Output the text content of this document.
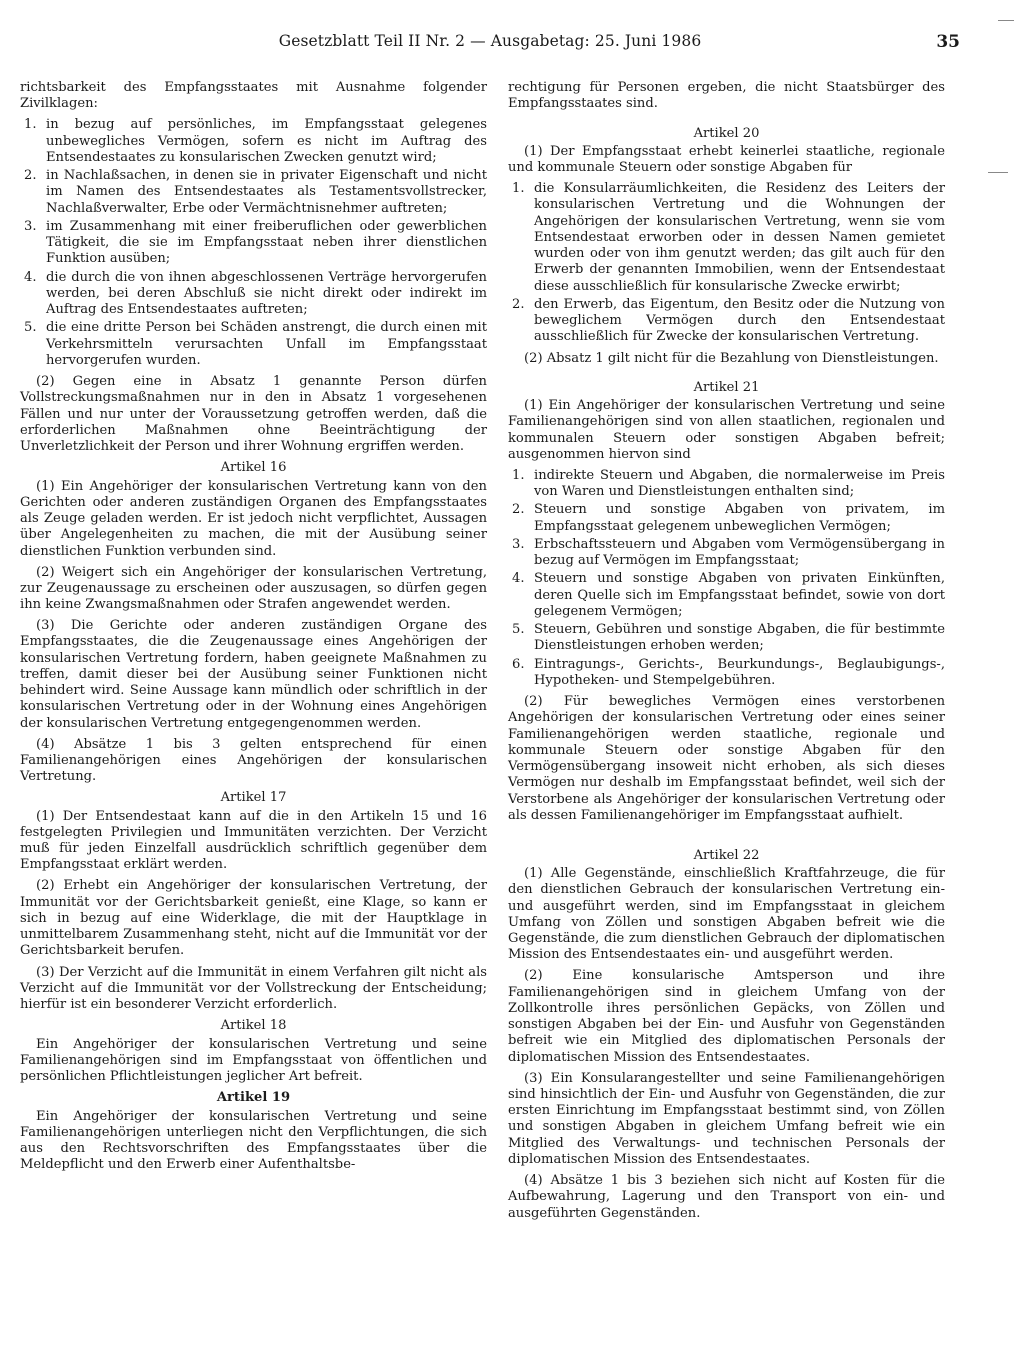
Gesetzblatt Teil II Nr. 2 — Ausgabetag: 25. Juni 1986	35

richtsbarkeit des Empfangsstaates mit Ausnahme folgender Zivilklagen:

1. in bezug auf persönliches, im Empfangsstaat gelegenes unbewegliches Vermögen, sofern es nicht im Auftrag des Entsendestaates zu konsularischen Zwecken genutzt wird;
2. in Nachlaßsachen, in denen sie in privater Eigenschaft und nicht im Namen des Entsendestaates als Testamentsvollstrecker, Nachlaßverwalter, Erbe oder Vermächtnisnehmer auftreten;
3. im Zusammenhang mit einer freiberuflichen oder gewerblichen Tätigkeit, die sie im Empfangsstaat neben ihrer dienstlichen Funktion ausüben;
4. die durch die von ihnen abgeschlossenen Verträge hervorgerufen werden, bei deren Abschluß sie nicht direkt oder indirekt im Auftrag des Entsendestaates auftreten;
5. die eine dritte Person bei Schäden anstrengt, die durch einen mit Verkehrsmitteln verursachten Unfall im Empfangsstaat hervorgerufen wurden.

(2) Gegen eine in Absatz 1 genannte Person dürfen Vollstreckungsmaßnahmen nur in den in Absatz 1 vorgesehenen Fällen und nur unter der Voraussetzung getroffen werden, daß die erforderlichen Maßnahmen ohne Beeinträchtigung der Unverletzlichkeit der Person und ihrer Wohnung ergriffen werden.

Artikel 16

(1) Ein Angehöriger der konsularischen Vertretung kann von den Gerichten oder anderen zuständigen Organen des Empfangsstaates als Zeuge geladen werden. Er ist jedoch nicht verpflichtet, Aussagen über Angelegenheiten zu machen, die mit der Ausübung seiner dienstlichen Funktion verbunden sind.

(2) Weigert sich ein Angehöriger der konsularischen Vertretung, zur Zeugenaussage zu erscheinen oder auszusagen, so dürfen gegen ihn keine Zwangsmaßnahmen oder Strafen angewendet werden.

(3) Die Gerichte oder anderen zuständigen Organe des Empfangsstaates, die die Zeugenaussage eines Angehörigen der konsularischen Vertretung fordern, haben geeignete Maßnahmen zu treffen, damit dieser bei der Ausübung seiner Funktionen nicht behindert wird. Seine Aussage kann mündlich oder schriftlich in der konsularischen Vertretung oder in der Wohnung eines Angehörigen der konsularischen Vertretung entgegengenommen werden.

(4) Absätze 1 bis 3 gelten entsprechend für einen Familienangehörigen eines Angehörigen der konsularischen Vertretung.

Artikel 17

(1) Der Entsendestaat kann auf die in den Artikeln 15 und 16 festgelegten Privilegien und Immunitäten verzichten. Der Verzicht muß für jeden Einzelfall ausdrücklich schriftlich gegenüber dem Empfangsstaat erklärt werden.

(2) Erhebt ein Angehöriger der konsularischen Vertretung, der Immunität vor der Gerichtsbarkeit genießt, eine Klage, so kann er sich in bezug auf eine Widerklage, die mit der Hauptklage in unmittelbarem Zusammenhang steht, nicht auf die Immunität vor der Gerichtsbarkeit berufen.

(3) Der Verzicht auf die Immunität in einem Verfahren gilt nicht als Verzicht auf die Immunität vor der Vollstreckung der Entscheidung; hierfür ist ein besonderer Verzicht erforderlich.

Artikel 18

Ein Angehöriger der konsularischen Vertretung und seine Familienangehörigen sind im Empfangsstaat von öffentlichen und persönlichen Pflichtleistungen jeglicher Art befreit.

Artikel 19

Ein Angehöriger der konsularischen Vertretung und seine Familienangehörigen unterliegen nicht den Verpflichtungen, die sich aus den Rechtsvorschriften des Empfangsstaates über die Meldepflicht und den Erwerb einer Aufenthaltsbe-

rechtigung für Personen ergeben, die nicht Staatsbürger des Empfangsstaates sind.

Artikel 20

(1) Der Empfangsstaat erhebt keinerlei staatliche, regionale und kommunale Steuern oder sonstige Abgaben für

1. die Konsularräumlichkeiten, die Residenz des Leiters der konsularischen Vertretung und die Wohnungen der Angehörigen der konsularischen Vertretung, wenn sie vom Entsendestaat erworben oder in dessen Namen gemietet wurden oder von ihm genutzt werden; das gilt auch für den Erwerb der genannten Immobilien, wenn der Entsendestaat diese ausschließlich für konsularische Zwecke erwirbt;
2. den Erwerb, das Eigentum, den Besitz oder die Nutzung von beweglichem Vermögen durch den Entsendestaat ausschließlich für Zwecke der konsularischen Vertretung.

(2) Absatz 1 gilt nicht für die Bezahlung von Dienstleistungen.

Artikel 21

(1) Ein Angehöriger der konsularischen Vertretung und seine Familienangehörigen sind von allen staatlichen, regionalen und kommunalen Steuern oder sonstigen Abgaben befreit; ausgenommen hiervon sind

1. indirekte Steuern und Abgaben, die normalerweise im Preis von Waren und Dienstleistungen enthalten sind;
2. Steuern und sonstige Abgaben von privatem, im Empfangsstaat gelegenem unbeweglichen Vermögen;
3. Erbschaftssteuern und Abgaben vom Vermögensübergang in bezug auf Vermögen im Empfangsstaat;
4. Steuern und sonstige Abgaben von privaten Einkünften, deren Quelle sich im Empfangsstaat befindet, sowie von dort gelegenem Vermögen;
5. Steuern, Gebühren und sonstige Abgaben, die für bestimmte Dienstleistungen erhoben werden;
6. Eintragungs-, Gerichts-, Beurkundungs-, Beglaubigungs-, Hypotheken- und Stempelgebühren.

(2) Für bewegliches Vermögen eines verstorbenen Angehörigen der konsularischen Vertretung oder eines seiner Familienangehörigen werden staatliche, regionale und kommunale Steuern oder sonstige Abgaben für den Vermögensübergang insoweit nicht erhoben, als sich dieses Vermögen nur deshalb im Empfangsstaat befindet, weil sich der Verstorbene als Angehöriger der konsularischen Vertretung oder als dessen Familienangehöriger im Empfangsstaat aufhielt.

Artikel 22

(1) Alle Gegenstände, einschließlich Kraftfahrzeuge, die für den dienstlichen Gebrauch der konsularischen Vertretung ein- und ausgeführt werden, sind im Empfangsstaat in gleichem Umfang von Zöllen und sonstigen Abgaben befreit wie die Gegenstände, die zum dienstlichen Gebrauch der diplomatischen Mission des Entsendestaates ein- und ausgeführt werden.

(2) Eine konsularische Amtsperson und ihre Familienangehörigen sind in gleichem Umfang von der Zollkontrolle ihres persönlichen Gepäcks, von Zöllen und sonstigen Abgaben bei der Ein- und Ausfuhr von Gegenständen befreit wie ein Mitglied des diplomatischen Personals der diplomatischen Mission des Entsendestaates.

(3) Ein Konsularangestellter und seine Familienangehörigen sind hinsichtlich der Ein- und Ausfuhr von Gegenständen, die zur ersten Einrichtung im Empfangsstaat bestimmt sind, von Zöllen und sonstigen Abgaben in gleichem Umfang befreit wie ein Mitglied des Verwaltungs- und technischen Personals der diplomatischen Mission des Entsendestaates.

(4) Absätze 1 bis 3 beziehen sich nicht auf Kosten für die Aufbewahrung, Lagerung und den Transport von ein- und ausgeführten Gegenständen.
